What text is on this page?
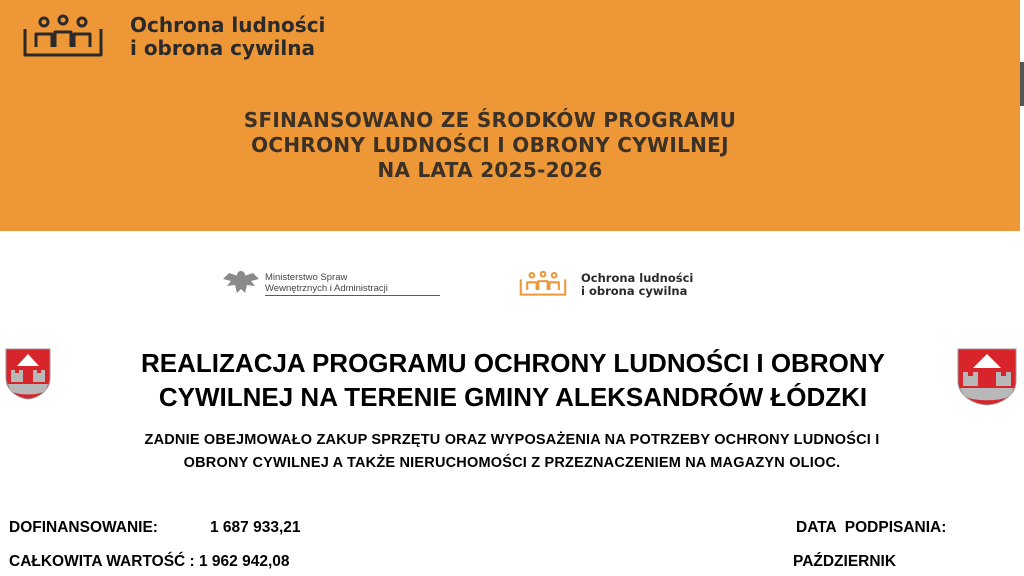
Ochrona ludności
i obrona cywilna
SFINANSOWANO ZE ŚRODKÓW PROGRAMU
OCHRONY LUDNOŚCI I OBRONY CYWILNEJ
NA LATA 2025-2026
Ministerstwo Spraw
Wewnętrznych i Administracji
Ochrona ludności
i obrona cywilna
REALIZACJA PROGRAMU OCHRONY LUDNOŚCI I OBRONY
CYWILNEJ NA TERENIE GMINY ALEKSANDRÓW ŁÓDZKI
ZADNIE OBEJMOWAŁO ZAKUP SPRZĘTU ORAZ WYPOSAŻENIA NA POTRZEBY OCHRONY LUDNOŚCI I
OBRONY CYWILNEJ A TAKŻE NIERUCHOMOŚCI Z PRZEZNACZENIEM NA MAGAZYN OLIOC.
DOFINANSOWANIE:	1 687 933,21
CAŁKOWITA WARTOŚĆ : 1 962 942,08
DATA  PODPISANIA:
PAŹDZIERNIK
